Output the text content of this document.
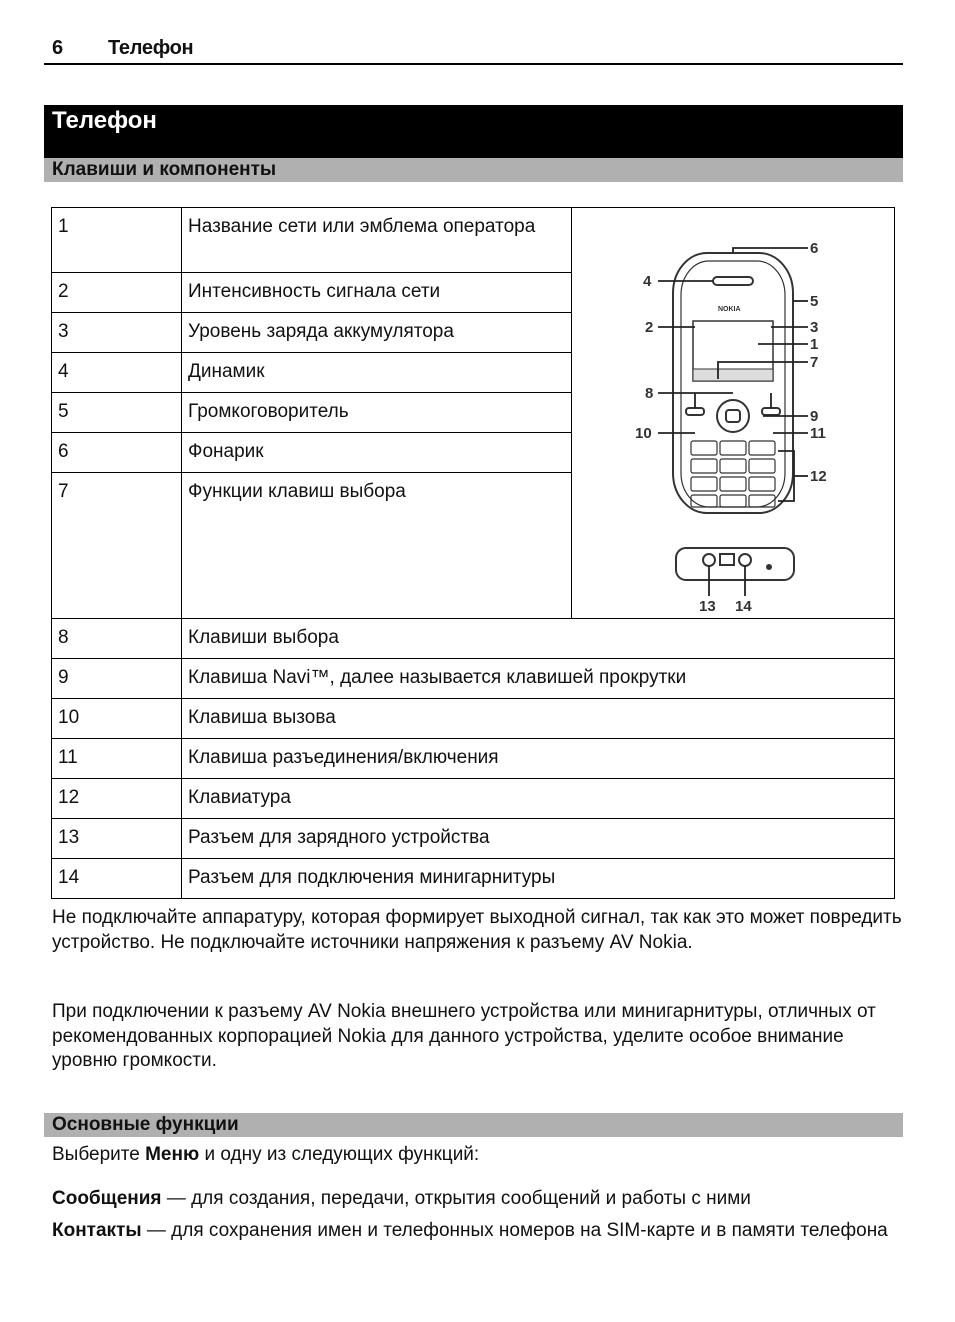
6 Телефон
Телефон
Клавиши и компоненты
1	Название сети или эмблема оператора	
4
6
5
2	3
1
7
8
9
10	11
12
13 14
NOKIA

2	Интенсивность сигнала сети	
3	Уровень заряда аккумулятора	
4	Динамик	
5	Громкоговоритель	
6	Фонарик	
7	Функции клавиш выбора	
8	Клавиши выбора	
9	Клавиша Navi™, далее называется клавишей прокрутки	
10	Клавиша вызова	
11	Клавиша разъединения/включения	
12	Клавиатура	
13	Разъем для зарядного устройства	
14	Разъем для подключения минигарнитуры	

Не подключайте аппаратуру, которая формирует выходной сигнал, так как это может повредить устройство. Не подключайте источники напряжения к разъему AV Nokia.

При подключении к разъему AV Nokia внешнего устройства или минигарнитуры, отличных от рекомендованных корпорацией Nokia для данного устройства, уделите особое внимание уровню громкости.

Основные функции
Выберите Меню и одну из следующих функций:
Сообщения — для создания, передачи, открытия сообщений и работы с ними
Контакты — для сохранения имен и телефонных номеров на SIM-карте и в памяти телефона
